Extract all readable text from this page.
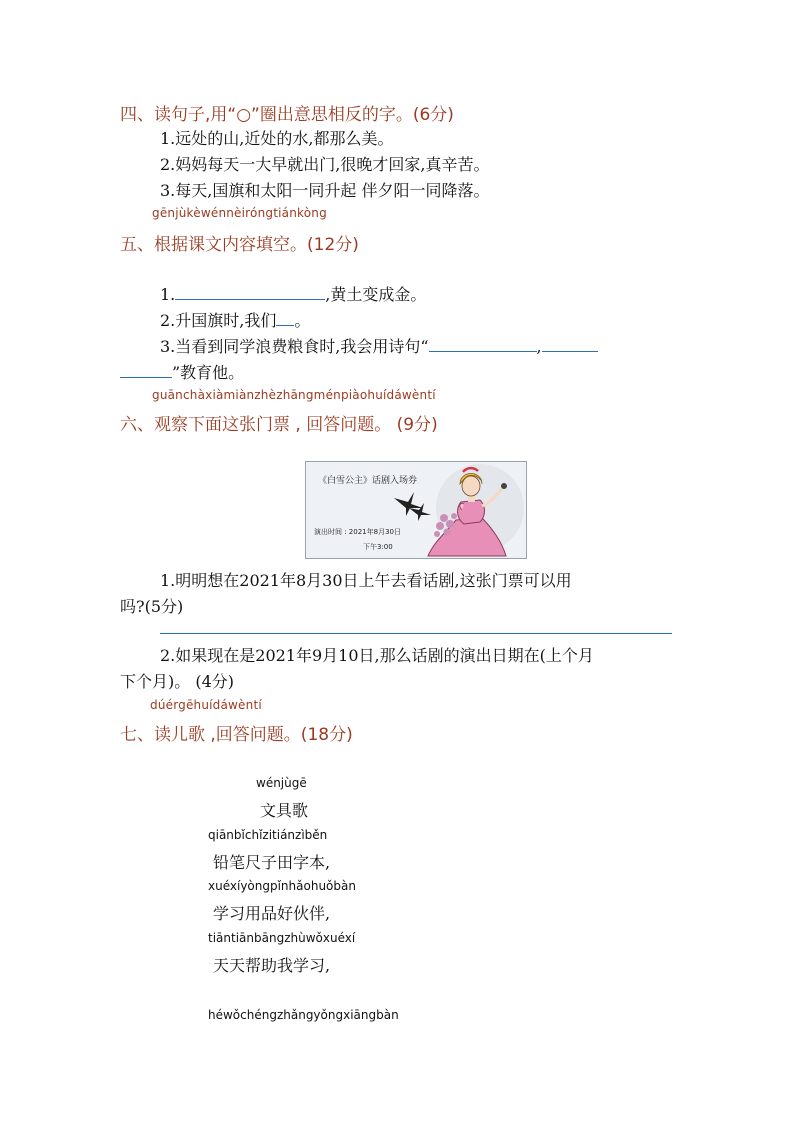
四、读句子,用“○”圈出意思相反的字。(6分)
1.远处的山,近处的水,都那么美。
2.妈妈每天一大早就出门,很晚才回家,真辛苦。
3.每天,国旗和太阳一同升起 伴夕阳一同降落。
gēnjùkèwénnèiróngtiánkòng
五、根据课文内容填空。(12分)
1.	,黄土变成金。
2.升国旗时,我们 。
3.当看到同学浪费粮食时,我会用诗句“	,
”教育他。
guānchàxiàmiànzhèzhāngménpiàohuídáwèntí
六、观察下面这张门票 , 回答问题。 (9分)
《白雪公主》话剧入场券
演出时间 : 2021年8月30日
下午3:00
1.明明想在2021年8月30日上午去看话剧,这张门票可以用
吗?(5分)
2.如果现在是2021年9月10日,那么话剧的演出日期在(上个月
下个月)。 (4分)
dúérgēhuídáwèntí
七、读儿歌 ,回答问题。(18分)
wénjùgē
文具歌
qiānbǐchǐzitiánzìběn
铅笔尺子田字本,
xuéxíyòngpǐnhǎohuǒbàn
学习用品好伙伴,
tiāntiānbāngzhùwǒxuéxí
天天帮助我学习,
héwǒchéngzhǎngyǒngxiāngbàn
